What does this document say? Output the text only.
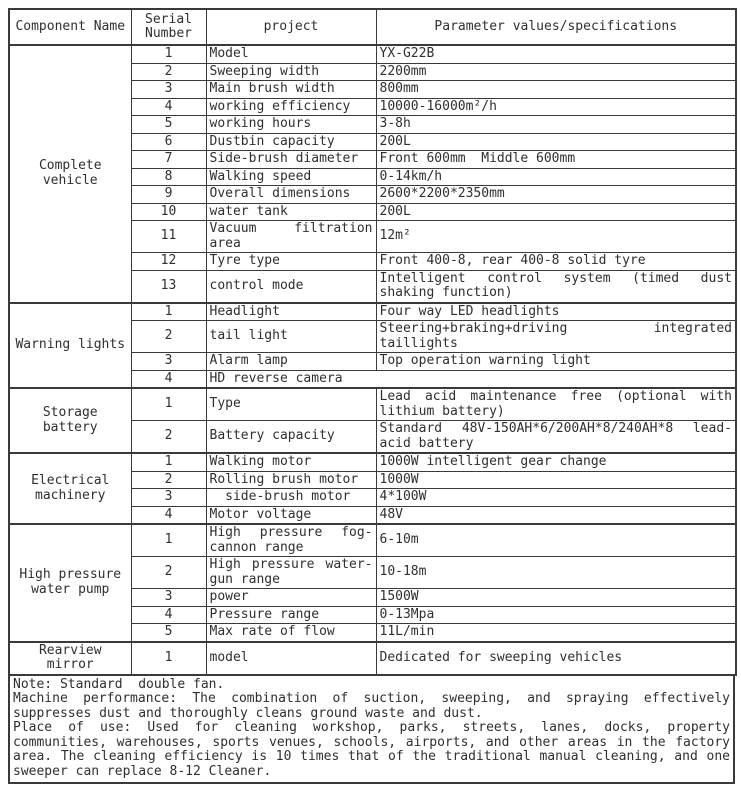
Component Name	Serial Number	project	Parameter values/specifications
Complete vehicle	1	Model	YX-G22B
	2	Sweeping width	2200mm
	3	Main brush width	800mm
	4	working efficiency	10000-16000m²/h
	5	working hours	3-8h
	6	Dustbin capacity	200L
	7	Side-brush diameter	Front 600mm  Middle 600mm
	8	Walking speed	0-14km/h
	9	Overall dimensions	2600*2200*2350mm
	10	water tank	200L
	11	Vacuum filtration area	12m²
	12	Tyre type	Front 400-8, rear 400-8 solid tyre
	13	control mode	Intelligent control system (timed dust shaking function)
Warning lights	1	Headlight	Four way LED headlights
	2	tail light	Steering+braking+driving integrated taillights
	3	Alarm lamp	Top operation warning light
	4	HD reverse camera	
Storage battery	1	Type	Lead acid maintenance free (optional with lithium battery)
	2	Battery capacity	Standard 48V-150AH*6/200AH*8/240AH*8 lead-acid battery
Electrical machinery	1	Walking motor	1000W intelligent gear change
	2	Rolling brush motor	1000W
	3	side-brush motor	4*100W
	4	Motor voltage	48V
High pressure water pump	1	High pressure fog-cannon range	6-10m
	2	High pressure water-gun range	10-18m
	3	power	1500W
	4	Pressure range	0-13Mpa
	5	Max rate of flow	11L/min
Rearview mirror	1	model	Dedicated for sweeping vehicles

Note: Standard  double fan.

Machine performance: The combination of suction, sweeping, and spraying effectively suppresses dust and thoroughly cleans ground waste and dust.

Place of use: Used for cleaning workshop, parks, streets, lanes, docks, property communities, warehouses, sports venues, schools, airports, and other areas in the factory area. The cleaning efficiency is 10 times that of the traditional manual cleaning, and one sweeper can replace 8-12 Cleaner.
